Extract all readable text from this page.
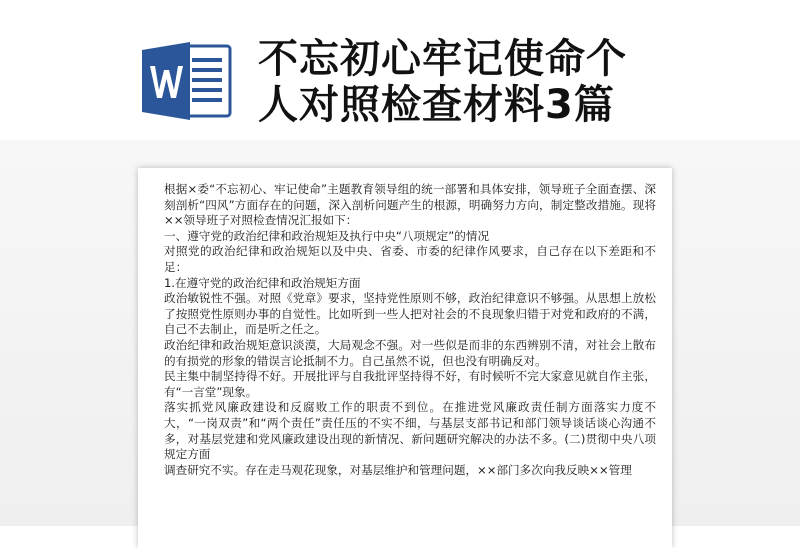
不忘初心牢记使命个
人对照检查材料3篇

根据×委“不忘初心、牢记使命”主题教育领导组的统一部署和具体安排，领导班子全面查摆、深刻剖析“四风”方面存在的问题，深入剖析问题产生的根源，明确努力方向，制定整改措施。现将××领导班子对照检查情况汇报如下：

一、遵守党的政治纪律和政治规矩及执行中央“八项规定”的情况

对照党的政治纪律和政治规矩以及中央、省委、市委的纪律作风要求，自己存在以下差距和不足：

1.在遵守党的政治纪律和政治规矩方面

政治敏锐性不强。对照《党章》要求，坚持党性原则不够，政治纪律意识不够强。从思想上放松了按照党性原则办事的自觉性。比如听到一些人把对社会的不良现象归错于对党和政府的不满，自己不去制止，而是听之任之。

政治纪律和政治规矩意识淡漠，大局观念不强。对一些似是而非的东西辨别不清，对社会上散布的有损党的形象的错误言论抵制不力。自己虽然不说，但也没有明确反对。

民主集中制坚持得不好。开展批评与自我批评坚持得不好，有时候听不完大家意见就自作主张，有“一言堂”现象。

落实抓党风廉政建设和反腐败工作的职责不到位。在推进党风廉政责任制方面落实力度不大，“一岗双责”和“两个责任”责任压的不实不细，与基层支部书记和部门领导谈话谈心沟通不多，对基层党建和党风廉政建设出现的新情况、新问题研究解决的办法不多。(二)贯彻中央八项规定方面

调查研究不实。存在走马观花现象，对基层维护和管理问题，××部门多次向我反映××管理
